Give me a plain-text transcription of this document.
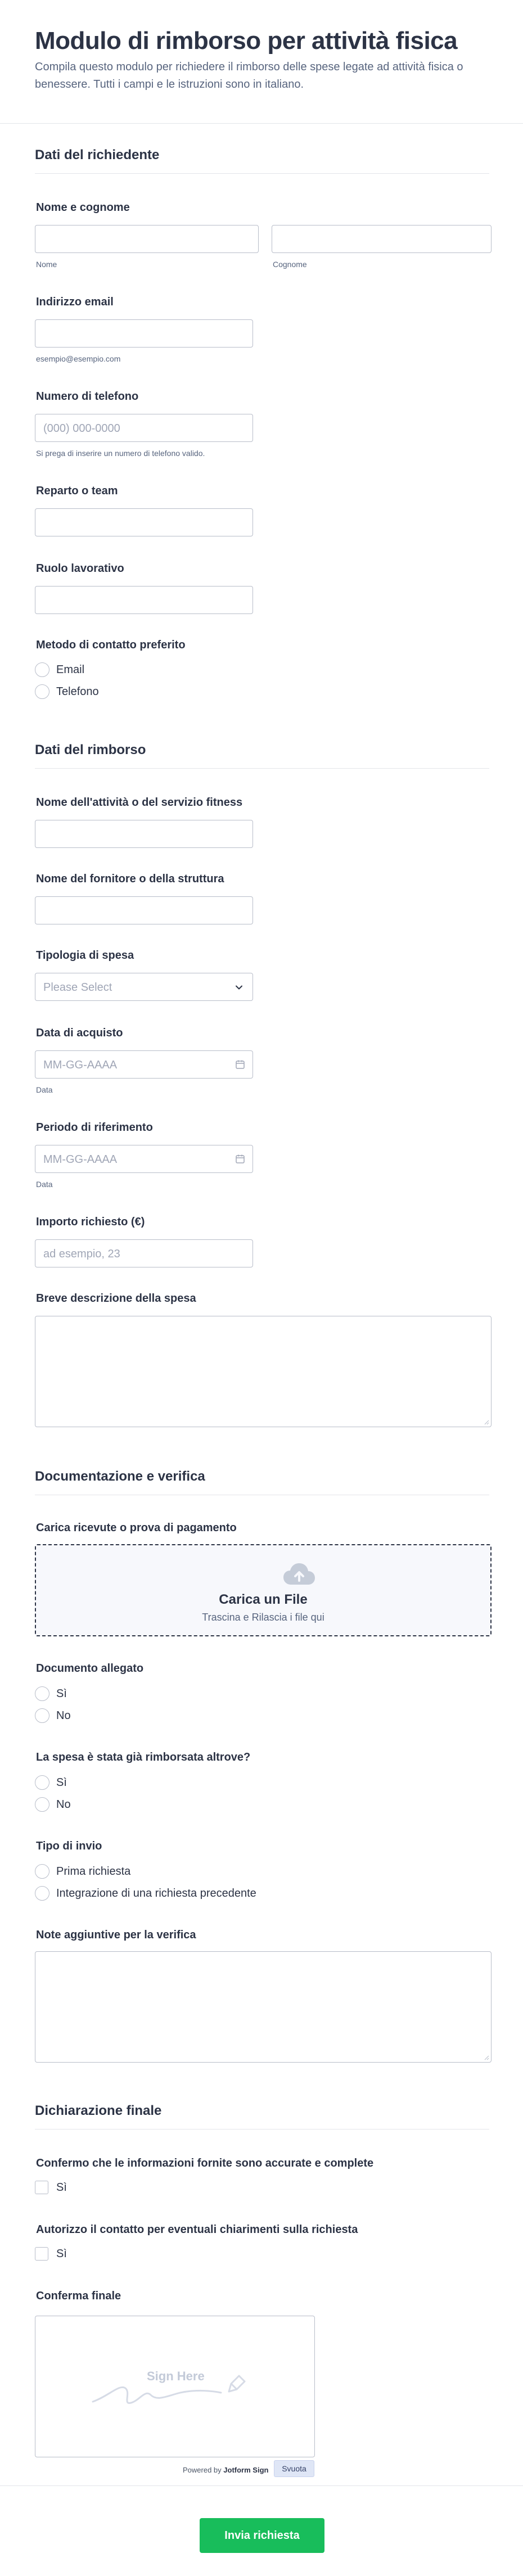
Modulo di rimborso per attività fisica
Compila questo modulo per richiedere il rimborso delle spese legate ad attività fisica o benessere. Tutti i campi e le istruzioni sono in italiano.
Dati del richiedente
Nome e cognome
Nome	Cognome
Indirizzo email
esempio@esempio.com
Numero di telefono
(000) 000-0000
Si prega di inserire un numero di telefono valido.
Reparto o team
Ruolo lavorativo
Metodo di contatto preferito
Email
Telefono
Dati del rimborso
Nome dell'attività o del servizio fitness
Nome del fornitore o della struttura
Tipologia di spesa
Please Select
Data di acquisto
MM-GG-AAAA
Data
Periodo di riferimento
MM-GG-AAAA
Data
Importo richiesto (€)
ad esempio, 23
Breve descrizione della spesa
Documentazione e verifica
Carica ricevute o prova di pagamento
Carica un File
Trascina e Rilascia i file qui
Documento allegato
Sì
No
La spesa è stata già rimborsata altrove?
Sì
No
Tipo di invio
Prima richiesta
Integrazione di una richiesta precedente
Note aggiuntive per la verifica
Dichiarazione finale
Confermo che le informazioni fornite sono accurate e complete
Sì
Autorizzo il contatto per eventuali chiarimenti sulla richiesta
Sì
Conferma finale
Sign Here
Powered by Jotform Sign	Svuota
Invia richiesta
